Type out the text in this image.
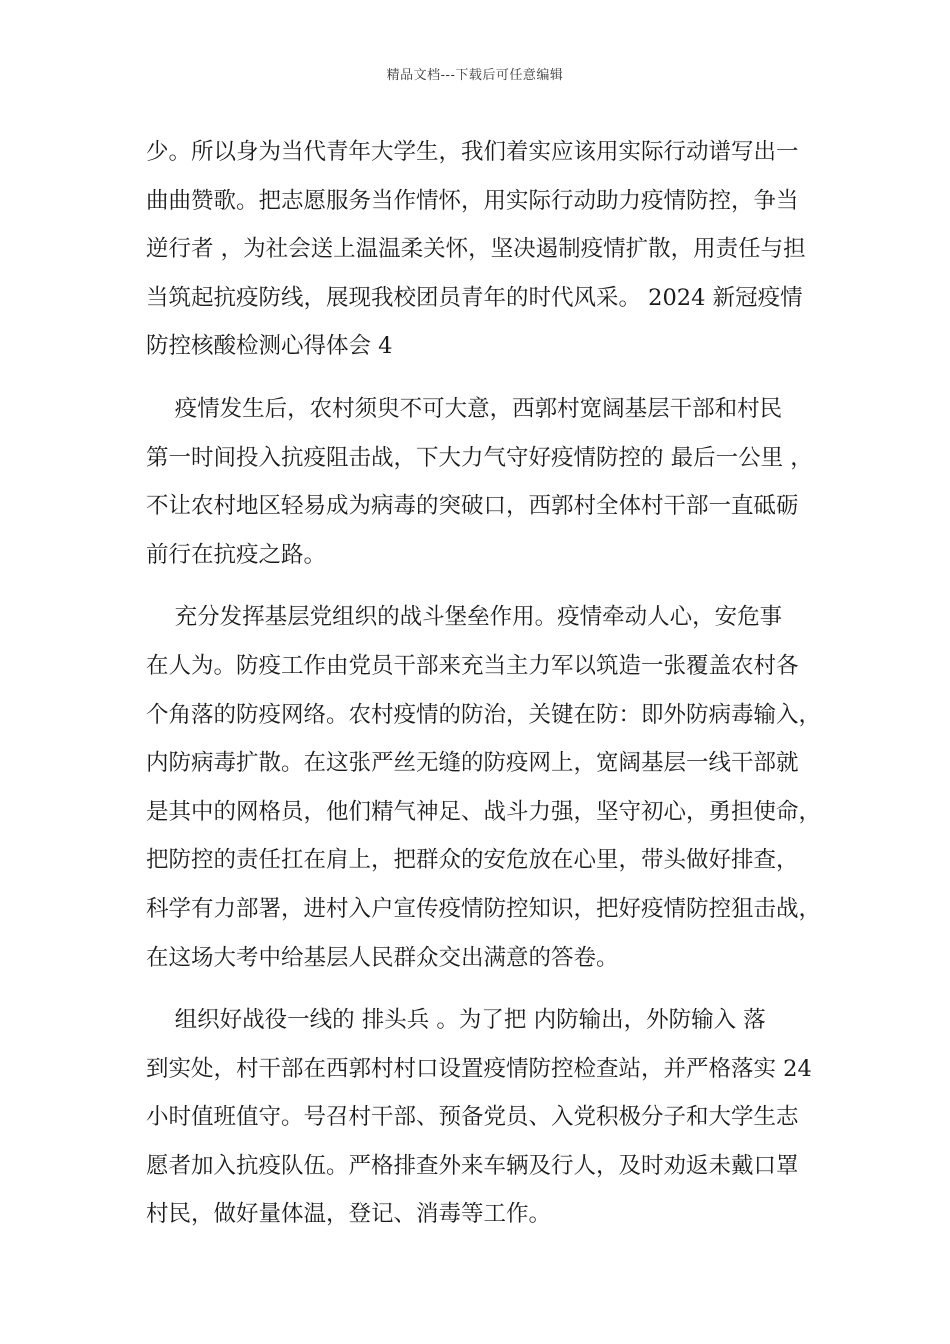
精品文档---下载后可任意编辑
少。所以身为当代青年大学生，我们着实应该用实际行动谱写出一
曲曲赞歌。把志愿服务当作情怀，用实际行动助力疫情防控，争当
逆行者 ，为社会送上温温柔关怀，坚决遏制疫情扩散，用责任与担
当筑起抗疫防线，展现我校团员青年的时代风采。 2024 新冠疫情
防控核酸检测心得体会 4
疫情发生后，农村须臾不可大意，西郭村宽阔基层干部和村民
第一时间投入抗疫阻击战，下大力气守好疫情防控的 最后一公里 ，
不让农村地区轻易成为病毒的突破口，西郭村全体村干部一直砥砺
前行在抗疫之路。
充分发挥基层党组织的战斗堡垒作用。疫情牵动人心，安危事
在人为。防疫工作由党员干部来充当主力军以筑造一张覆盖农村各
个角落的防疫网络。农村疫情的防治，关键在防：即外防病毒输入，
内防病毒扩散。在这张严丝无缝的防疫网上，宽阔基层一线干部就
是其中的网格员，他们精气神足、战斗力强，坚守初心，勇担使命，
把防控的责任扛在肩上，把群众的安危放在心里，带头做好排查，
科学有力部署，进村入户宣传疫情防控知识，把好疫情防控狙击战，
在这场大考中给基层人民群众交出满意的答卷。
组织好战役一线的 排头兵 。为了把 内防输出，外防输入 落
到实处，村干部在西郭村村口设置疫情防控检查站，并严格落实 24
小时值班值守。号召村干部、预备党员、入党积极分子和大学生志
愿者加入抗疫队伍。严格排查外来车辆及行人，及时劝返未戴口罩
村民，做好量体温，登记、消毒等工作。
